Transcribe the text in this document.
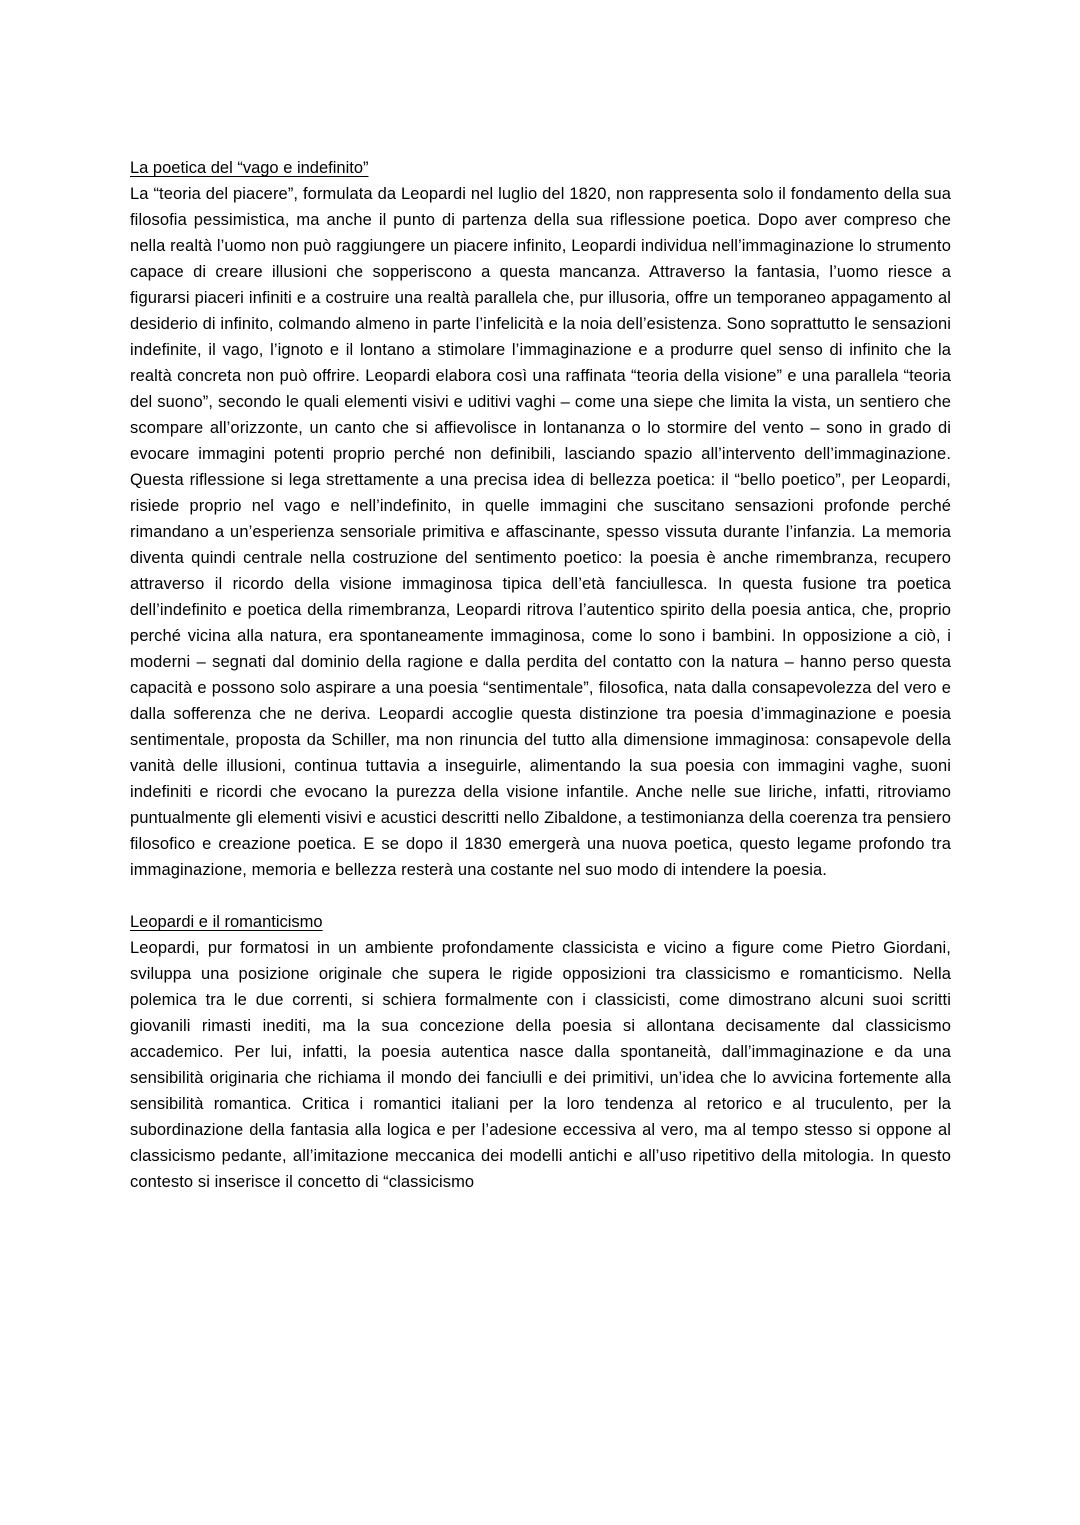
La poetica del “vago e indefinito”

La “teoria del piacere”, formulata da Leopardi nel luglio del 1820, non rappresenta solo il fondamento della sua filosofia pessimistica, ma anche il punto di partenza della sua riflessione poetica. Dopo aver compreso che nella realtà l’uomo non può raggiungere un piacere infinito, Leopardi individua nell’immaginazione lo strumento capace di creare illusioni che sopperiscono a questa mancanza. Attraverso la fantasia, l’uomo riesce a figurarsi piaceri infiniti e a costruire una realtà parallela che, pur illusoria, offre un temporaneo appagamento al desiderio di infinito, colmando almeno in parte l’infelicità e la noia dell’esistenza. Sono soprattutto le sensazioni indefinite, il vago, l’ignoto e il lontano a stimolare l’immaginazione e a produrre quel senso di infinito che la realtà concreta non può offrire. Leopardi elabora così una raffinata “teoria della visione” e una parallela “teoria del suono”, secondo le quali elementi visivi e uditivi vaghi – come una siepe che limita la vista, un sentiero che scompare all’orizzonte, un canto che si affievolisce in lontananza o lo stormire del vento – sono in grado di evocare immagini potenti proprio perché non definibili, lasciando spazio all’intervento dell’immaginazione. Questa riflessione si lega strettamente a una precisa idea di bellezza poetica: il “bello poetico”, per Leopardi, risiede proprio nel vago e nell’indefinito, in quelle immagini che suscitano sensazioni profonde perché rimandano a un’esperienza sensoriale primitiva e affascinante, spesso vissuta durante l’infanzia. La memoria diventa quindi centrale nella costruzione del sentimento poetico: la poesia è anche rimembranza, recupero attraverso il ricordo della visione immaginosa tipica dell’età fanciullesca. In questa fusione tra poetica dell’indefinito e poetica della rimembranza, Leopardi ritrova l’autentico spirito della poesia antica, che, proprio perché vicina alla natura, era spontaneamente immaginosa, come lo sono i bambini. In opposizione a ciò, i moderni – segnati dal dominio della ragione e dalla perdita del contatto con la natura – hanno perso questa capacità e possono solo aspirare a una poesia “sentimentale”, filosofica, nata dalla consapevolezza del vero e dalla sofferenza che ne deriva. Leopardi accoglie questa distinzione tra poesia d’immaginazione e poesia sentimentale, proposta da Schiller, ma non rinuncia del tutto alla dimensione immaginosa: consapevole della vanità delle illusioni, continua tuttavia a inseguirle, alimentando la sua poesia con immagini vaghe, suoni indefiniti e ricordi che evocano la purezza della visione infantile. Anche nelle sue liriche, infatti, ritroviamo puntualmente gli elementi visivi e acustici descritti nello Zibaldone, a testimonianza della coerenza tra pensiero filosofico e creazione poetica. E se dopo il 1830 emergerà una nuova poetica, questo legame profondo tra immaginazione, memoria e bellezza resterà una costante nel suo modo di intendere la poesia.

Leopardi e il romanticismo

Leopardi, pur formatosi in un ambiente profondamente classicista e vicino a figure come Pietro Giordani, sviluppa una posizione originale che supera le rigide opposizioni tra classicismo e romanticismo. Nella polemica tra le due correnti, si schiera formalmente con i classicisti, come dimostrano alcuni suoi scritti giovanili rimasti inediti, ma la sua concezione della poesia si allontana decisamente dal classicismo accademico. Per lui, infatti, la poesia autentica nasce dalla spontaneità, dall’immaginazione e da una sensibilità originaria che richiama il mondo dei fanciulli e dei primitivi, un’idea che lo avvicina fortemente alla sensibilità romantica. Critica i romantici italiani per la loro tendenza al retorico e al truculento, per la subordinazione della fantasia alla logica e per l’adesione eccessiva al vero, ma al tempo stesso si oppone al classicismo pedante, all’imitazione meccanica dei modelli antichi e all’uso ripetitivo della mitologia. In questo contesto si inserisce il concetto di “classicismo
